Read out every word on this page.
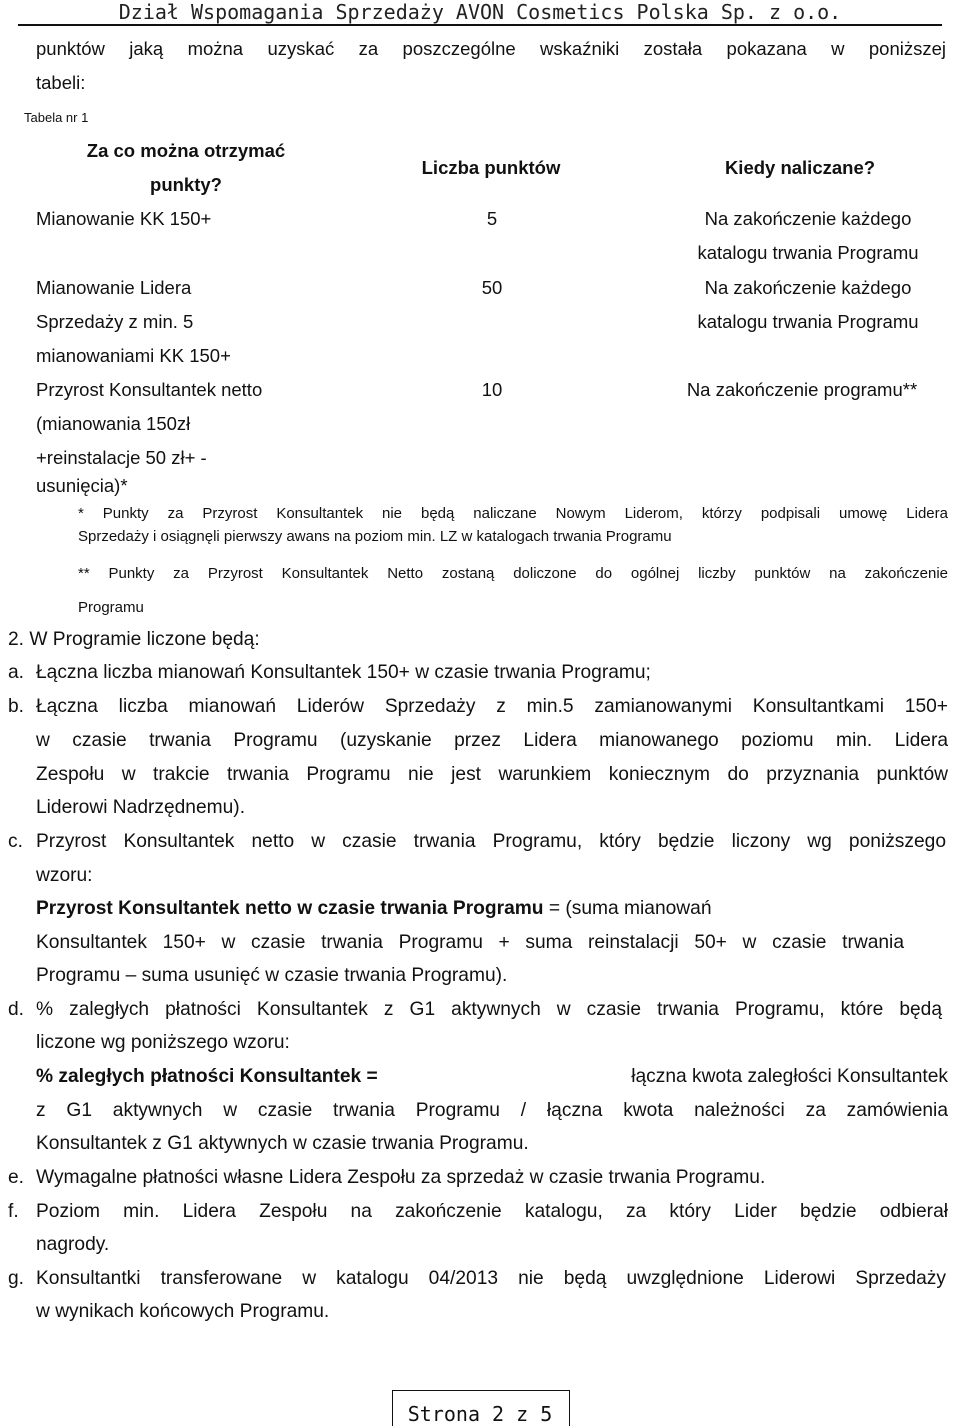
Dział Wspomagania Sprzedaży AVON Cosmetics Polska Sp. z o.o.
punktów jaką można uzyskać za poszczególne wskaźniki została pokazana w poniższej
tabeli:
Tabela nr 1
Za co można otrzymać
punkty?
Liczba punktów	Kiedy naliczane?
Mianowanie KK 150+	5	Na zakończenie każdego
katalogu trwania Programu
Mianowanie Lidera
Sprzedaży z min. 5
mianowaniami KK 150+
50	Na zakończenie każdego
katalogu trwania Programu
Przyrost Konsultantek netto
(mianowania 150zł
+reinstalacje 50 zł+ -
usunięcia)*
10	Na zakończenie programu**
* Punkty za Przyrost Konsultantek nie będą naliczane Nowym Liderom, którzy podpisali umowę Lidera
Sprzedaży i osiągnęli pierwszy awans na poziom min. LZ w katalogach trwania Programu
** Punkty za Przyrost Konsultantek Netto zostaną doliczone do ogólnej liczby punktów na zakończenie
Programu
2. W Programie liczone będą:
a. Łączna liczba mianowań Konsultantek 150+ w czasie trwania Programu;
b. Łączna liczba mianowań Liderów Sprzedaży z min.5 zamianowanymi Konsultantkami 150+
w czasie trwania Programu (uzyskanie przez Lidera mianowanego poziomu min. Lidera
Zespołu w trakcie trwania Programu nie jest warunkiem koniecznym do przyznania punktów
Liderowi Nadrzędnemu).
c. Przyrost Konsultantek netto w czasie trwania Programu, który będzie liczony wg poniższego
wzoru:
Przyrost Konsultantek netto w czasie trwania Programu = (suma mianowań
Konsultantek 150+ w czasie trwania Programu + suma reinstalacji 50+ w czasie trwania
Programu – suma usunięć w czasie trwania Programu).
d. % zaległych płatności Konsultantek z G1 aktywnych w czasie trwania Programu, które będą
liczone wg poniższego wzoru:
% zaległych płatności Konsultantek =	łączna kwota zaległości Konsultantek
z G1 aktywnych w czasie trwania Programu / łączna kwota należności za zamówienia
Konsultantek z G1 aktywnych w czasie trwania Programu.
e. Wymagalne płatności własne Lidera Zespołu za sprzedaż w czasie trwania Programu.
f. Poziom min. Lidera Zespołu na zakończenie katalogu, za który Lider będzie odbierał
nagrody.
g. Konsultantki transferowane w katalogu 04/2013 nie będą uwzględnione Liderowi Sprzedaży
w wynikach końcowych Programu.
Strona 2 z 5
